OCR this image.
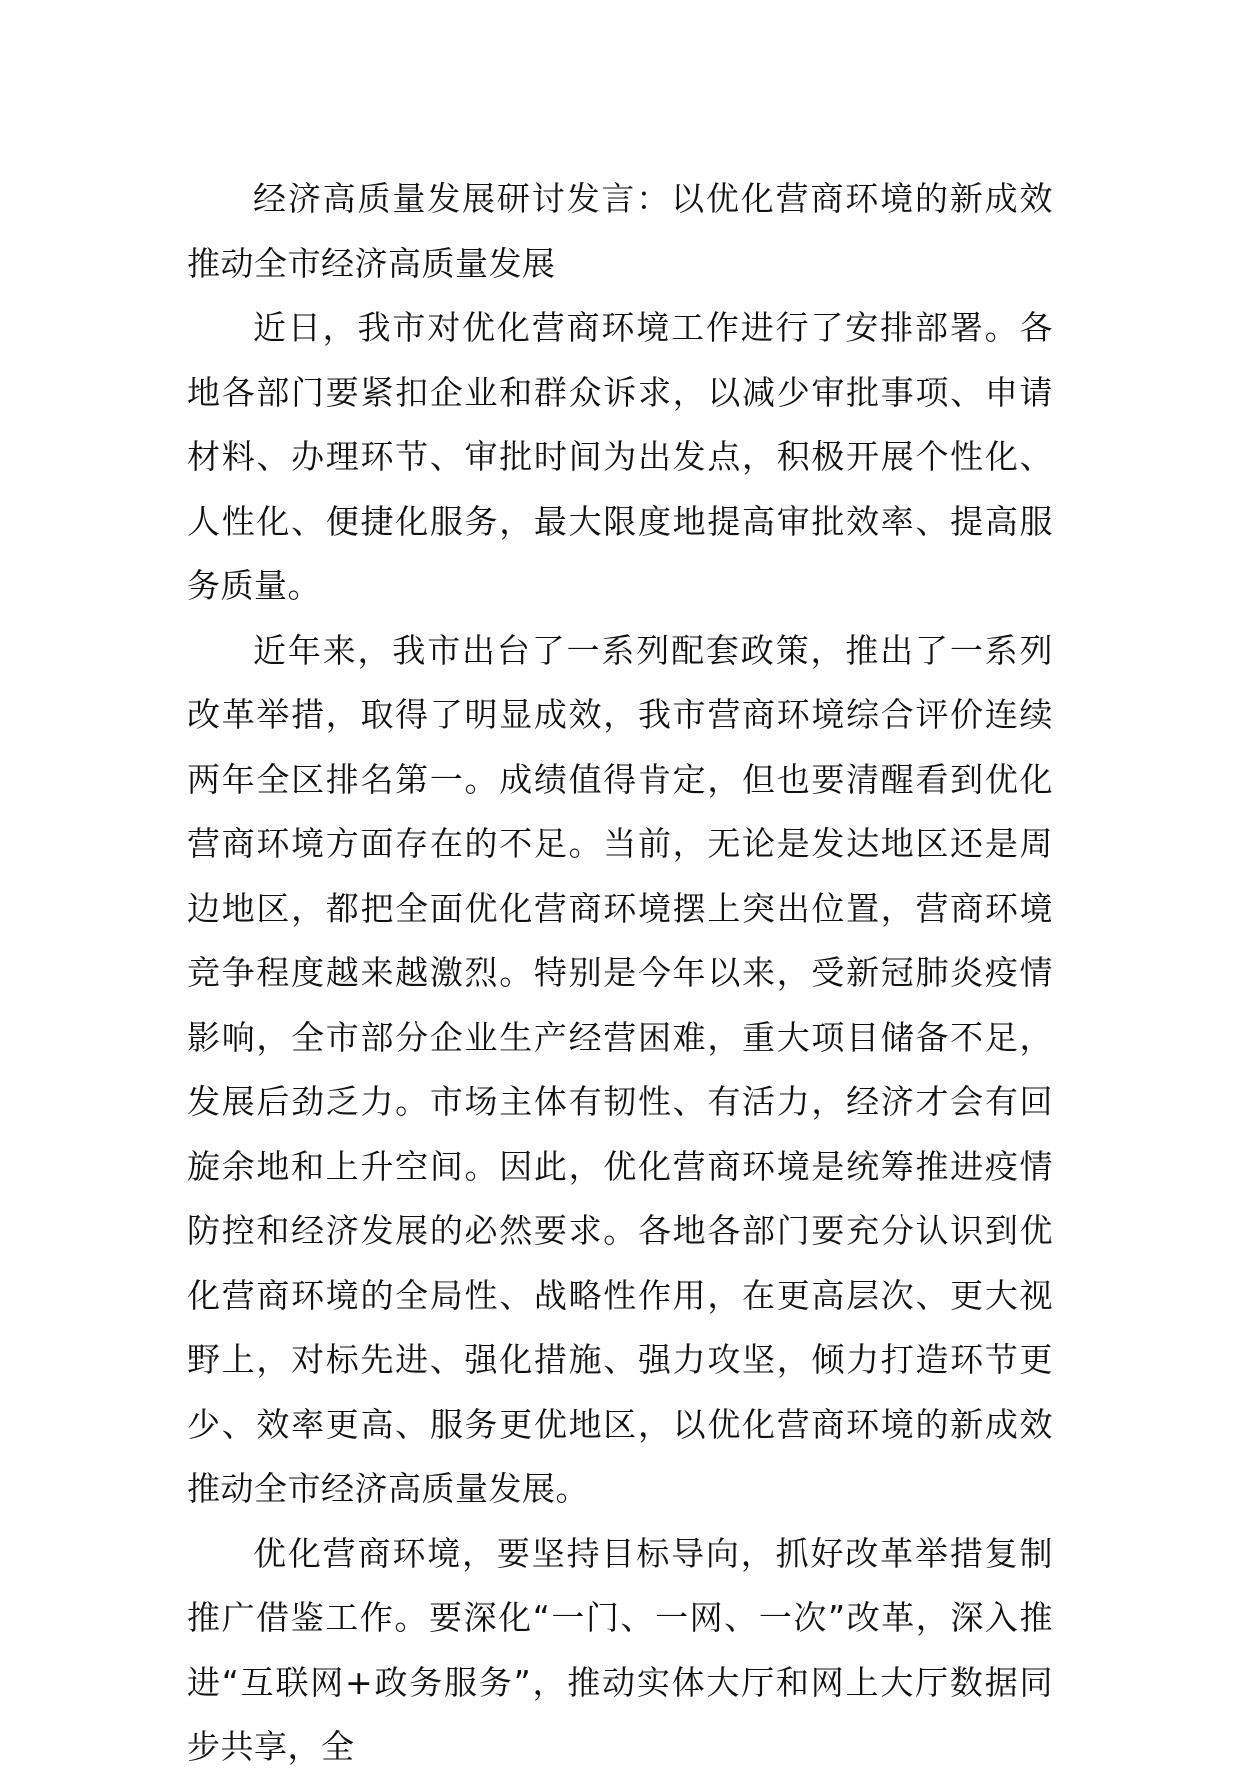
经济高质量发展研讨发言：以优化营商环境的新成效推动全市经济高质量发展

近日，我市对优化营商环境工作进行了安排部署。各地各部门要紧扣企业和群众诉求，以减少审批事项、申请材料、办理环节、审批时间为出发点，积极开展个性化、人性化、便捷化服务，最大限度地提高审批效率、提高服务质量。

近年来，我市出台了一系列配套政策，推出了一系列改革举措，取得了明显成效，我市营商环境综合评价连续两年全区排名第一。成绩值得肯定，但也要清醒看到优化营商环境方面存在的不足。当前，无论是发达地区还是周边地区，都把全面优化营商环境摆上突出位置，营商环境竞争程度越来越激烈。特别是今年以来，受新冠肺炎疫情影响，全市部分企业生产经营困难，重大项目储备不足，发展后劲乏力。市场主体有韧性、有活力，经济才会有回旋余地和上升空间。因此，优化营商环境是统筹推进疫情防控和经济发展的必然要求。各地各部门要充分认识到优化营商环境的全局性、战略性作用，在更高层次、更大视野上，对标先进、强化措施、强力攻坚，倾力打造环节更少、效率更高、服务更优地区，以优化营商环境的新成效推动全市经济高质量发展。

优化营商环境，要坚持目标导向，抓好改革举措复制推广借鉴工作。要深化“一门、一网、一次”改革，深入推进“互联网+政务服务”，推动实体大厅和网上大厅数据同步共享，全
